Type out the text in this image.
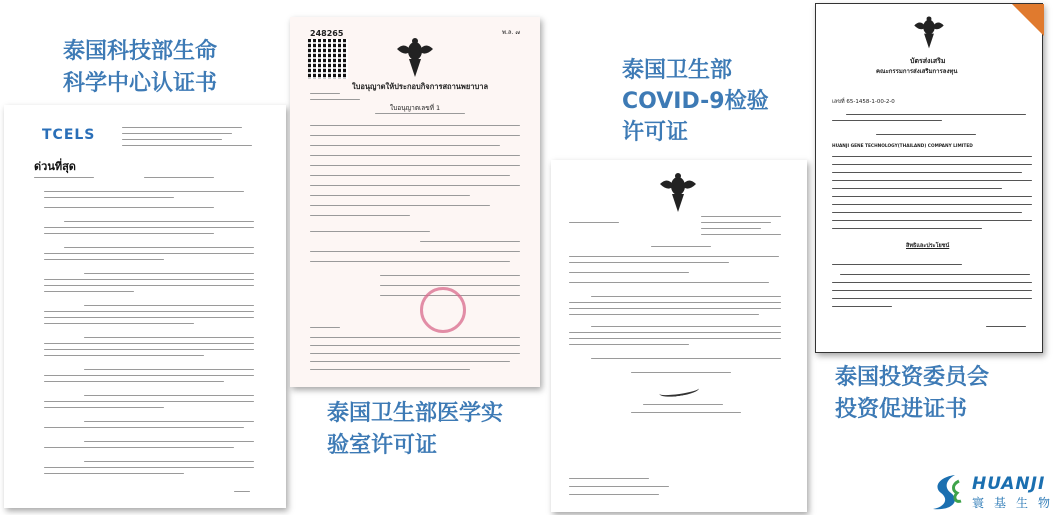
TCELS
ด่วนที่สุด
248265	พ.ล. ๗
ใบอนุญาตให้ประกอบกิจการสถานพยาบาล
ใบอนุญาตเลขที่ 1
บัตรส่งเสริม
คณะกรรมการส่งเสริมการลงทุน
เลขที่ 65-1458-1-00-2-0
HUANJI GENE TECHNOLOGY(THAILAND) COMPANY LIMITED
สิทธิและประโยชน์
泰国科技部生命
科学中心认证书
泰国卫生部
COVID-9检验
许可证
泰国卫生部医学实
验室许可证
泰国投资委员会
投资促进证书
HUANJI
寰基生物
